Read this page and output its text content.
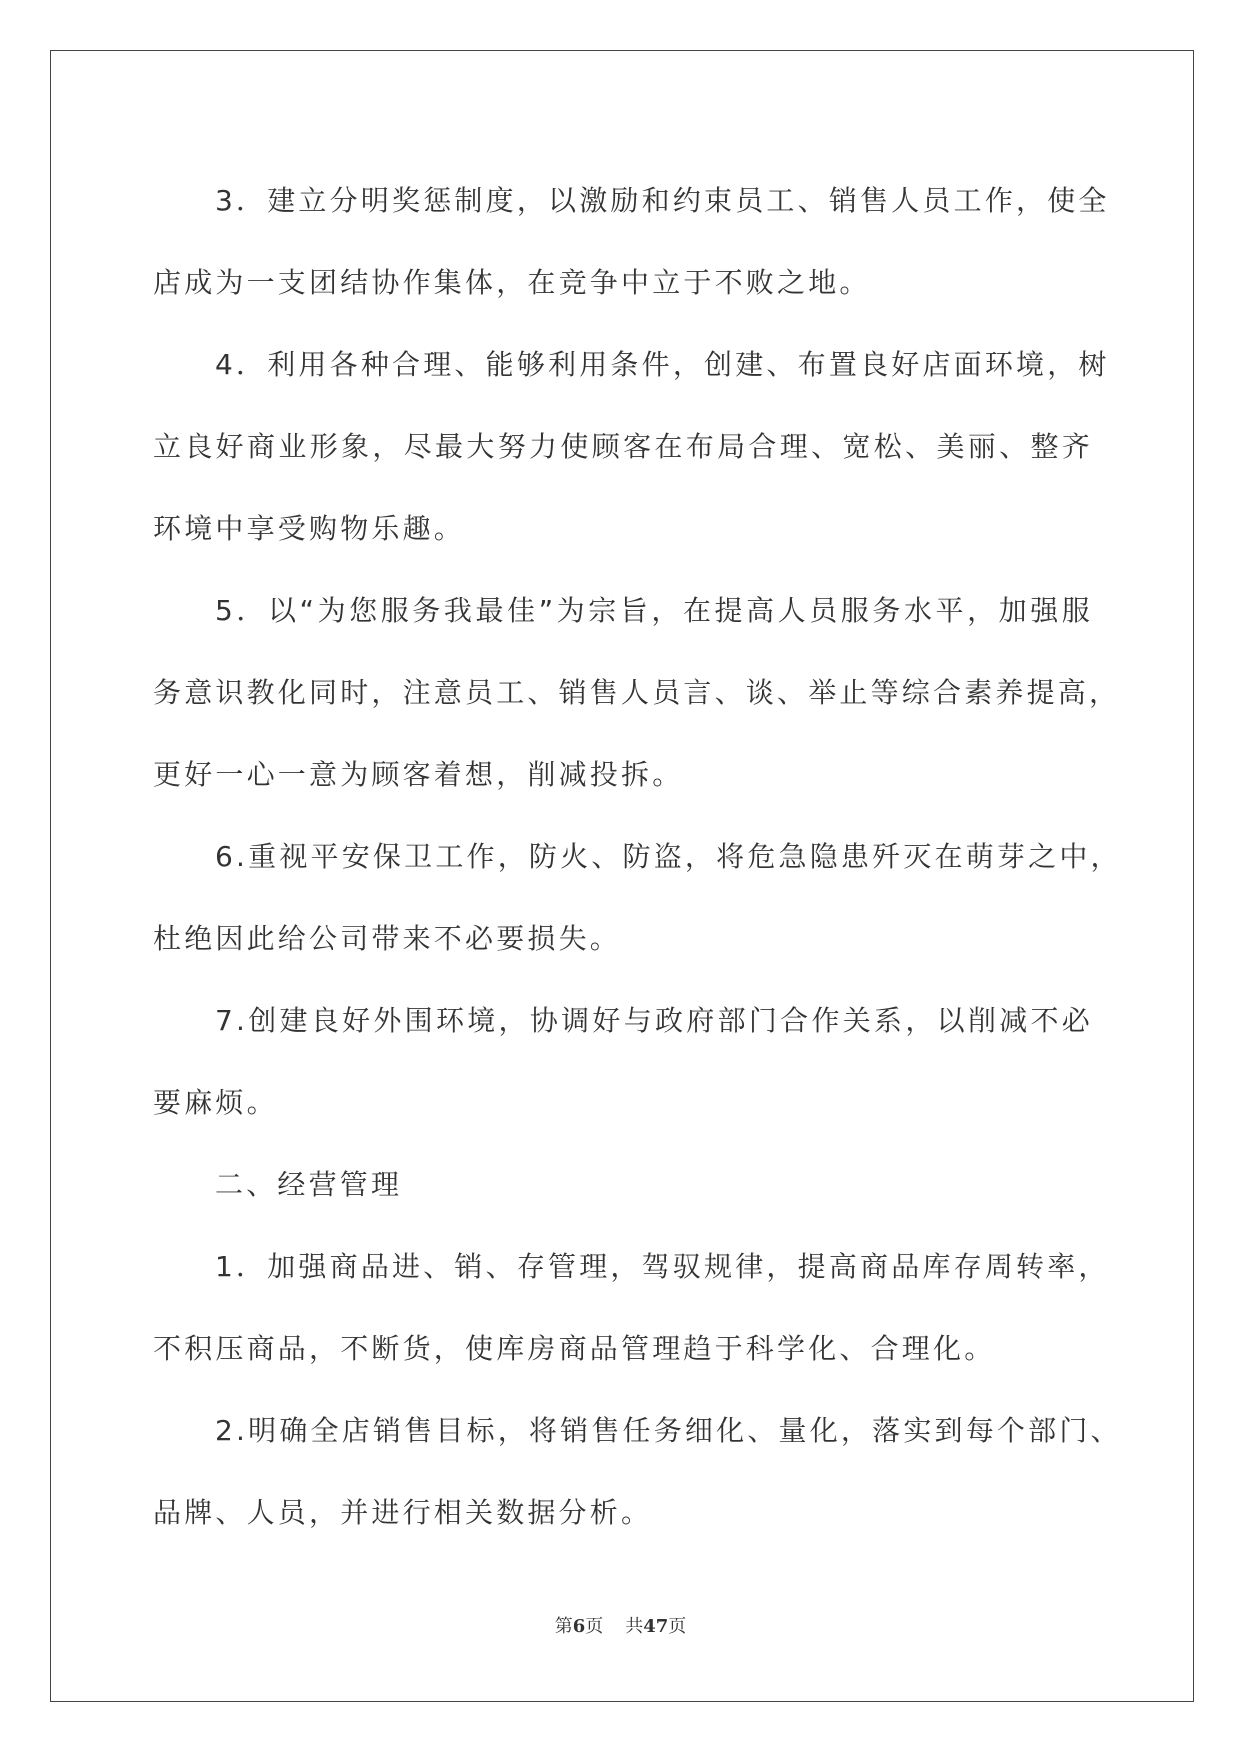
3．建立分明奖惩制度，以激励和约束员工、销售人员工作，使全
店成为一支团结协作集体，在竞争中立于不败之地。

4．利用各种合理、能够利用条件，创建、布置良好店面环境，树
立良好商业形象，尽最大努力使顾客在布局合理、宽松、美丽、整齐
环境中享受购物乐趣。

5．以“为您服务我最佳”为宗旨，在提高人员服务水平，加强服
务意识教化同时，注意员工、销售人员言、谈、举止等综合素养提高，
更好一心一意为顾客着想，削减投拆。

6.重视平安保卫工作，防火、防盗，将危急隐患歼灭在萌芽之中，
杜绝因此给公司带来不必要损失。

7.创建良好外围环境，协调好与政府部门合作关系，以削减不必
要麻烦。

二、经营管理

1．加强商品进、销、存管理，驾驭规律，提高商品库存周转率，
不积压商品，不断货，使库房商品管理趋于科学化、合理化。

2.明确全店销售目标，将销售任务细化、量化，落实到每个部门、
品牌、人员，并进行相关数据分析。

第6页 共47页
